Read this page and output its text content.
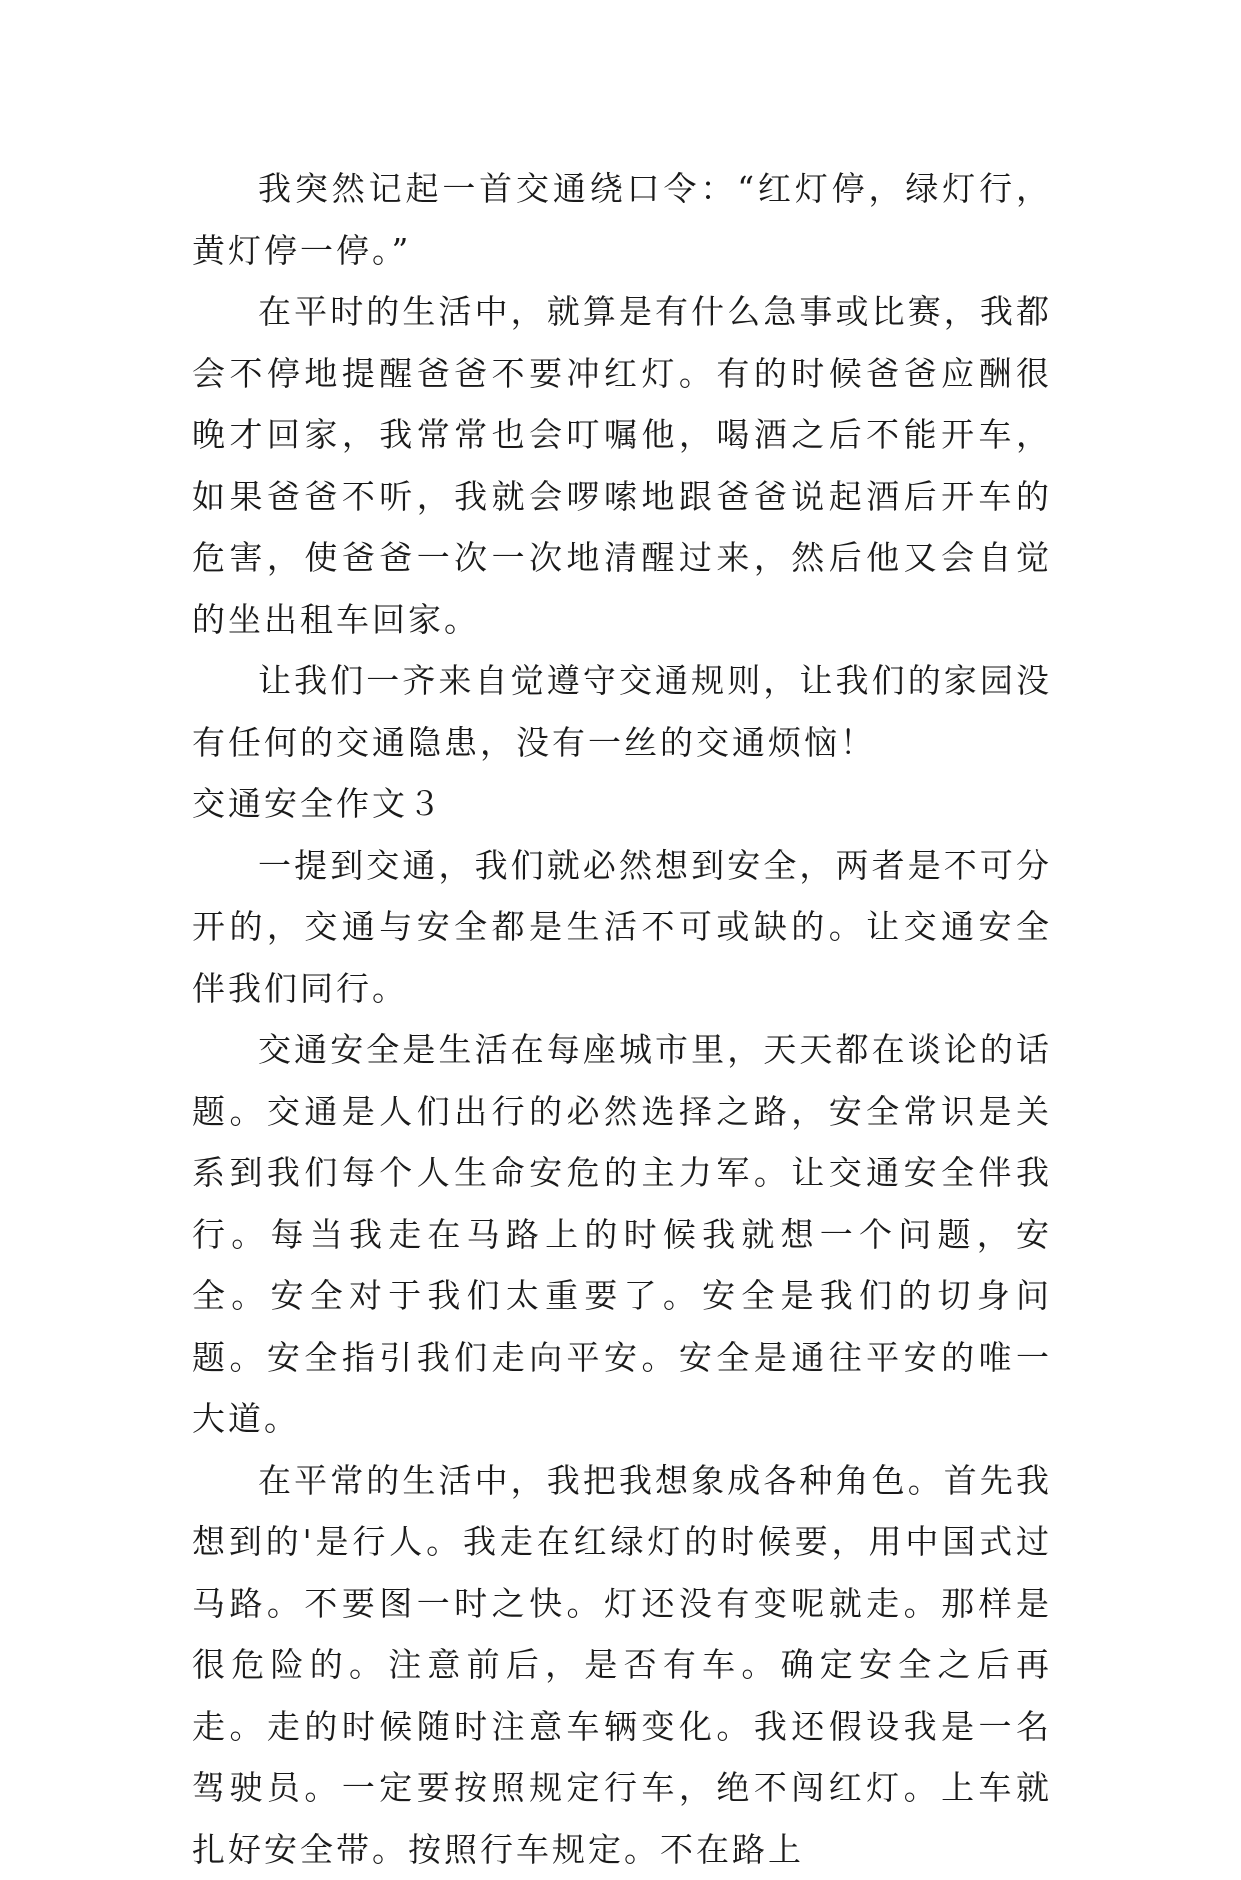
我突然记起一首交通绕口令：“红灯停，绿灯行，黄灯停一停。”

在平时的生活中，就算是有什么急事或比赛，我都会不停地提醒爸爸不要冲红灯。有的时候爸爸应酬很晚才回家，我常常也会叮嘱他，喝酒之后不能开车，如果爸爸不听，我就会啰嗦地跟爸爸说起酒后开车的危害，使爸爸一次一次地清醒过来，然后他又会自觉的坐出租车回家。

让我们一齐来自觉遵守交通规则，让我们的家园没有任何的交通隐患，没有一丝的交通烦恼！

交通安全作文３

一提到交通，我们就必然想到安全，两者是不可分开的，交通与安全都是生活不可或缺的。让交通安全伴我们同行。

交通安全是生活在每座城市里，天天都在谈论的话题。交通是人们出行的必然选择之路，安全常识是关系到我们每个人生命安危的主力军。让交通安全伴我行。每当我走在马路上的时候我就想一个问题，安全。安全对于我们太重要了。安全是我们的切身问题。安全指引我们走向平安。安全是通往平安的唯一大道。

在平常的生活中，我把我想象成各种角色。首先我想到的'是行人。我走在红绿灯的时候要，用中国式过马路。不要图一时之快。灯还没有变呢就走。那样是很危险的。注意前后，是否有车。确定安全之后再走。走的时候随时注意车辆变化。我还假设我是一名驾驶员。一定要按照规定行车，绝不闯红灯。上车就扎好安全带。按照行车规定。不在路上
